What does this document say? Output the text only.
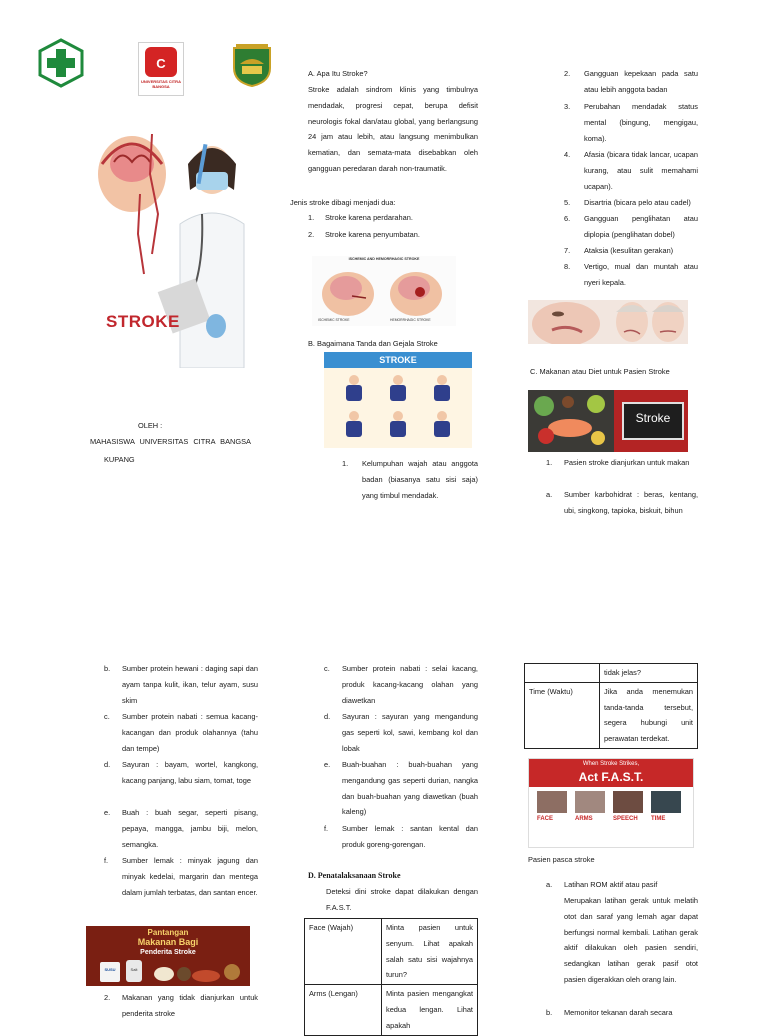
C
UNIVERSITAS CITRA BANGSA
STROKE
OLEH :
MAHASISWA UNIVERSITAS CITRA BANGSA
KUPANG
A. Apa Itu Stroke?
Stroke adalah sindrom klinis yang timbulnya mendadak, progresi cepat, berupa defisit neurologis fokal dan/atau global, yang berlangsung 24 jam atau lebih, atau langsung menimbulkan kematian, dan semata-mata disebabkan oleh gangguan peredaran darah non-traumatik.
Jenis stroke dibagi menjadi dua:
1. Stroke karena perdarahan.
2. Stroke karena penyumbatan.
ISCHEMIC AND HEMORRHAGIC STROKE
ISCHEMIC STROKE	HEMORRHAGIC STROKE
B. Bagaimana Tanda dan Gejala Stroke
STROKE
1. Kelumpuhan wajah atau anggota badan (biasanya satu sisi saja) yang timbul mendadak.
2. Gangguan kepekaan pada satu atau lebih anggota badan
3. Perubahan mendadak status mental (bingung, mengigau, koma).
4. Afasia (bicara tidak lancar, ucapan kurang, atau sulit memahami ucapan).
5. Disartria (bicara pelo atau cadel)
6. Gangguan penglihatan atau diplopia (penglihatan dobel)
7. Ataksia (kesulitan gerakan)
8. Vertigo, mual dan muntah atau nyeri kepala.
C. Makanan atau Diet untuk Pasien Stroke
Stroke
1. Pasien stroke dianjurkan untuk makan
a. Sumber karbohidrat : beras, kentang, ubi, singkong, tapioka, biskuit, bihun
b. Sumber protein hewani : daging sapi dan ayam tanpa kulit, ikan, telur ayam, susu skim
c. Sumber protein nabati : semua kacang-kacangan dan produk olahannya (tahu dan tempe)
d. Sayuran : bayam, wortel, kangkong, kacang panjang, labu siam, tomat, toge
e. Buah : buah segar, seperti pisang, pepaya, mangga, jambu biji, melon, semangka.
f. Sumber lemak : minyak jagung dan minyak kedelai, margarin dan mentega dalam jumlah terbatas, dan santan encer.
Pantangan
Makanan Bagi
Penderita Stroke
SUSU	Salt
2. Makanan yang tidak dianjurkan untuk penderita stroke
c. Sumber protein nabati : selai kacang, produk kacang-kacang olahan yang diawetkan
d. Sayuran : sayuran yang mengandung gas seperti kol, sawi, kembang kol dan lobak
e. Buah-buahan : buah-buahan yang mengandung gas seperti durian, nangka dan buah-buahan yang diawetkan (buah kaleng)
f. Sumber lemak : santan kental dan produk goreng-gorengan.
D. Penatalaksanaan Stroke
Deteksi dini stroke dapat dilakukan dengan F.A.S.T.
Face (Wajah)	Minta pasien untuk senyum. Lihat apakah salah satu sisi wajahnya turun?
Arms (Lengan)	Minta pasien mengangkat kedua lengan. Lihat apakah
	tidak jelas?
Time (Waktu)	Jika anda menemukan tanda-tanda tersebut, segera hubungi unit perawatan terdekat.
When Stroke Strikes,
Act F.A.S.T.
FACE	ARMS	SPEECH TIME
Pasien pasca stroke
a. Latihan ROM aktif atau pasif
Merupakan latihan gerak untuk melatih otot dan saraf yang lemah agar dapat berfungsi normal kembali. Latihan gerak aktif dilakukan oleh pasien sendiri, sedangkan latihan gerak pasif otot pasien digerakkan oleh orang lain.
b. Memonitor tekanan darah secara
